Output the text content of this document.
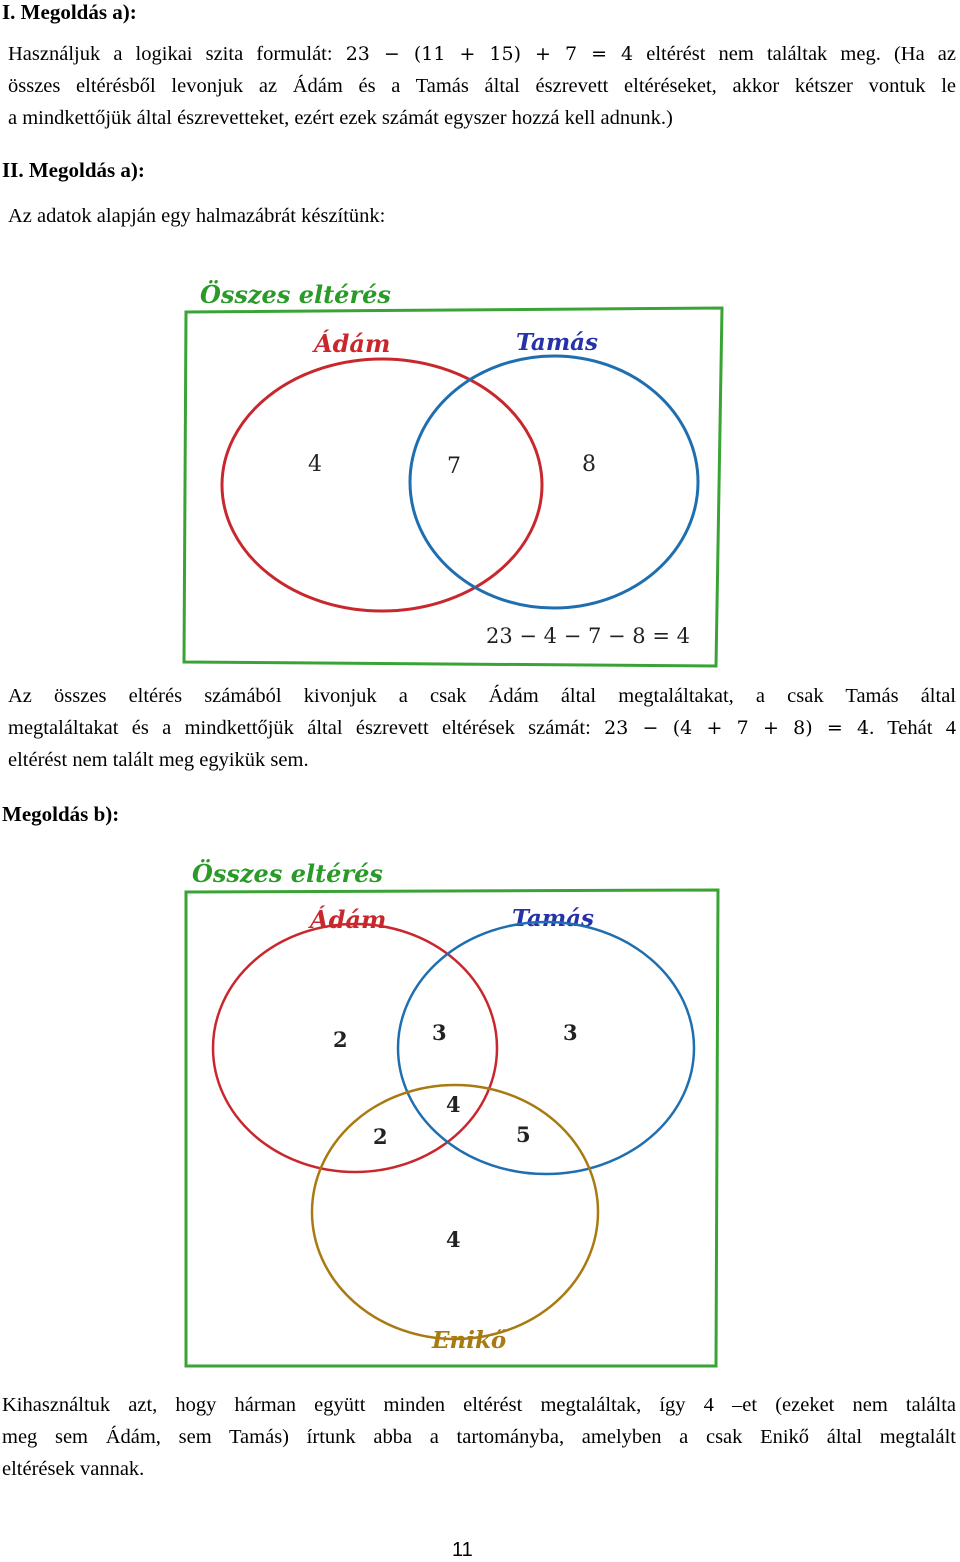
I. Megoldás a):
Használjuk a logikai szita formulát: 23 − (11 + 15) + 7 = 4 eltérést nem találtak meg. (Ha az
összes eltérésből levonjuk az Ádám és a Tamás által észrevett eltéréseket, akkor kétszer vontuk le
a mindkettőjük által észrevetteket, ezért ezek számát egyszer hozzá kell adnunk.)
II. Megoldás a):
Az adatok alapján egy halmazábrát készítünk:
Összes eltérés
Ádám	Tamás
4	7	8
23 − 4 − 7 − 8 = 4
Az összes eltérés számából kivonjuk a csak Ádám által megtaláltakat, a csak Tamás által
megtaláltakat és a mindkettőjük által észrevett eltérések számát: 23 − (4 + 7 + 8) = 4. Tehát 4
eltérést nem talált meg egyikük sem.
Megoldás b):
Összes eltérés
Ádám	Tamás
2	3	3
4
2	5
4
Enikő
Kihasználtuk azt, hogy hárman együtt minden eltérést megtaláltak, így 4 –et (ezeket nem találta
meg sem Ádám, sem Tamás) írtunk abba a tartományba, amelyben a csak Enikő által megtalált
eltérések vannak.
11
